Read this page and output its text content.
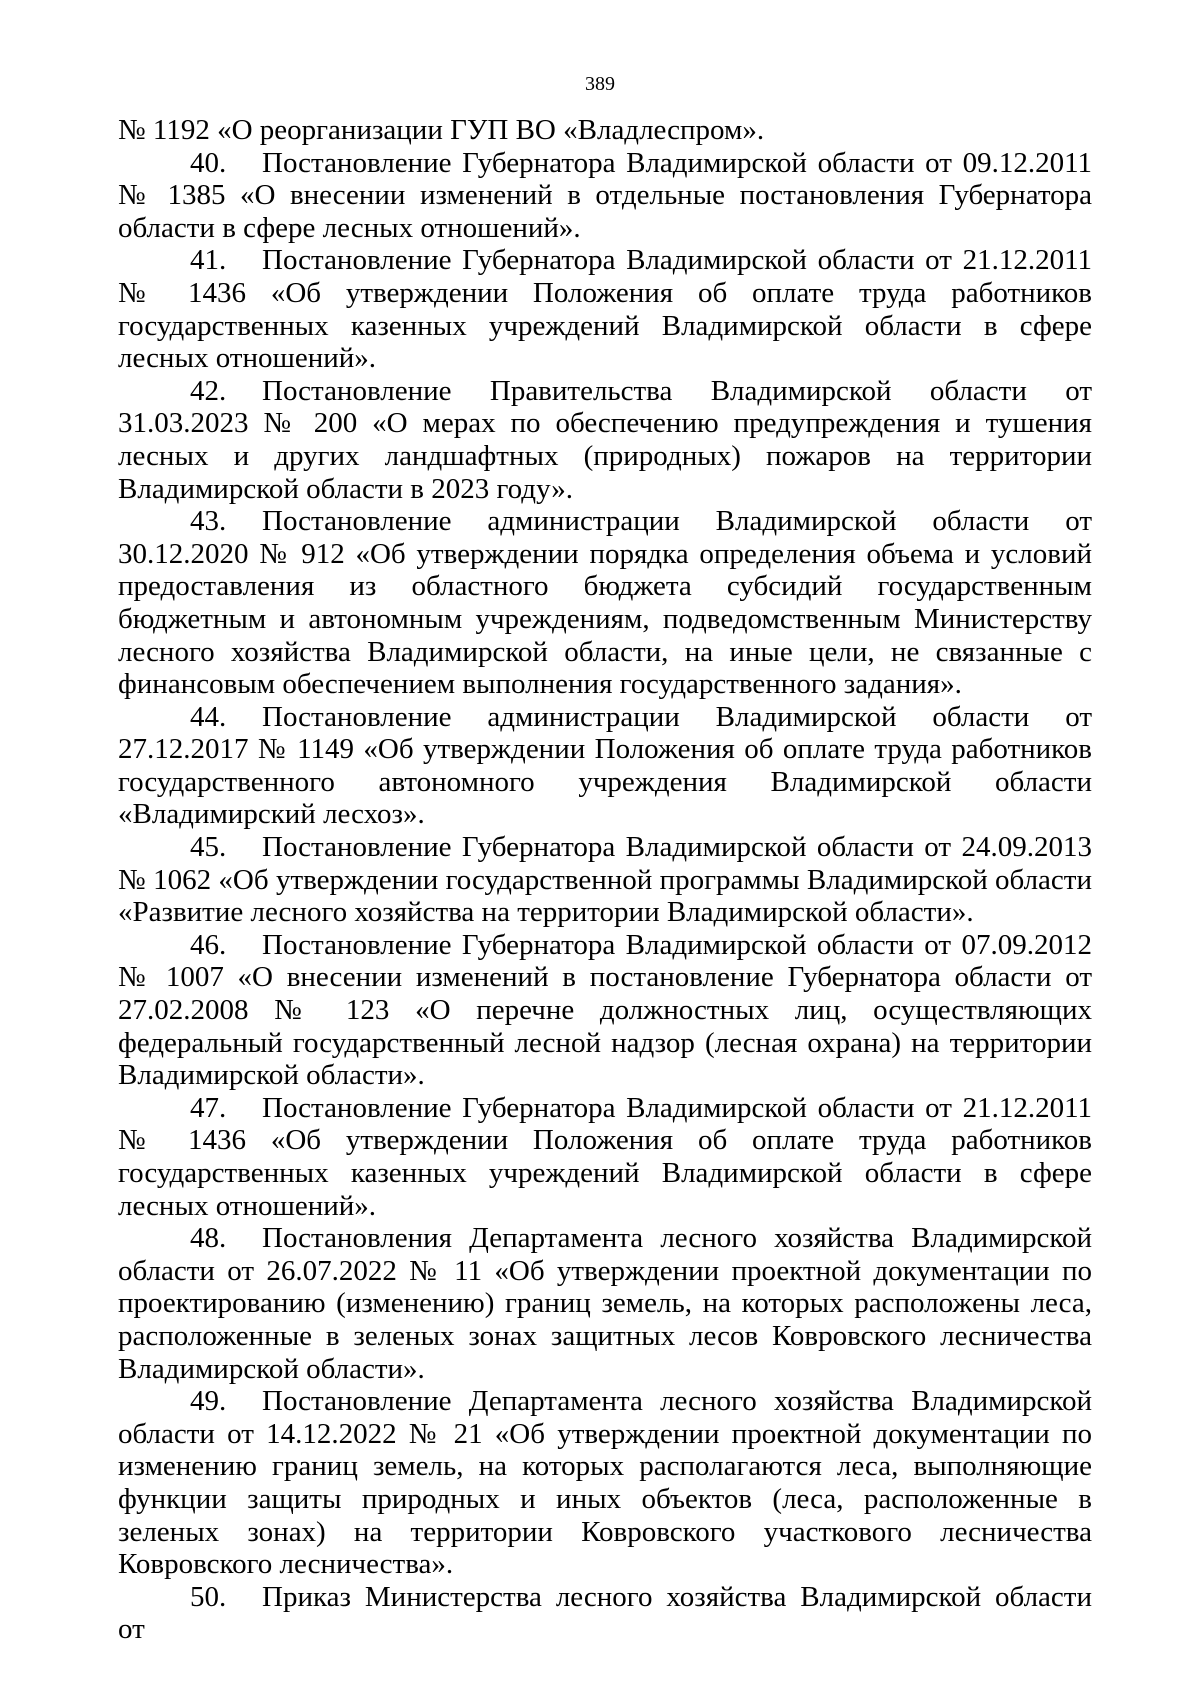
389

№ 1192 «О реорганизации ГУП ВО «Владлеспром».

40. Постановление Губернатора Владимирской области от 09.12.2011 № 1385 «О внесении изменений в отдельные постановления Губернатора области в сфере лесных отношений».

41. Постановление Губернатора Владимирской области от 21.12.2011 № 1436 «Об утверждении Положения об оплате труда работников государственных казенных учреждений Владимирской области в сфере лесных отношений».

42. Постановление Правительства Владимирской области от 31.03.2023 № 200 «О мерах по обеспечению предупреждения и тушения лесных и других ландшафтных (природных) пожаров на территории Владимирской области в 2023 году».

43. Постановление администрации Владимирской области от 30.12.2020 № 912 «Об утверждении порядка определения объема и условий предоставления из областного бюджета субсидий государственным бюджетным и автономным учреждениям, подведомственным Министерству лесного хозяйства Владимирской области, на иные цели, не связанные с финансовым обеспечением выполнения государственного задания».

44. Постановление администрации Владимирской области от 27.12.2017 № 1149 «Об утверждении Положения об оплате труда работников государственного автономного учреждения Владимирской области «Владимирский лесхоз».

45. Постановление Губернатора Владимирской области от 24.09.2013 № 1062 «Об утверждении государственной программы Владимирской области «Развитие лесного хозяйства на территории Владимирской области».

46. Постановление Губернатора Владимирской области от 07.09.2012 № 1007 «О внесении изменений в постановление Губернатора области от 27.02.2008 № 123 «О перечне должностных лиц, осуществляющих федеральный государственный лесной надзор (лесная охрана) на территории Владимирской области».

47. Постановление Губернатора Владимирской области от 21.12.2011 № 1436 «Об утверждении Положения об оплате труда работников государственных казенных учреждений Владимирской области в сфере лесных отношений».

48. Постановления Департамента лесного хозяйства Владимирской области от 26.07.2022 № 11 «Об утверждении проектной документации по проектированию (изменению) границ земель, на которых расположены леса, расположенные в зеленых зонах защитных лесов Ковровского лесничества Владимирской области».

49. Постановление Департамента лесного хозяйства Владимирской области от 14.12.2022 № 21 «Об утверждении проектной документации по изменению границ земель, на которых располагаются леса, выполняющие функции защиты природных и иных объектов (леса, расположенные в зеленых зонах) на территории Ковровского участкового лесничества Ковровского лесничества».

50. Приказ Министерства лесного хозяйства Владимирской области от
